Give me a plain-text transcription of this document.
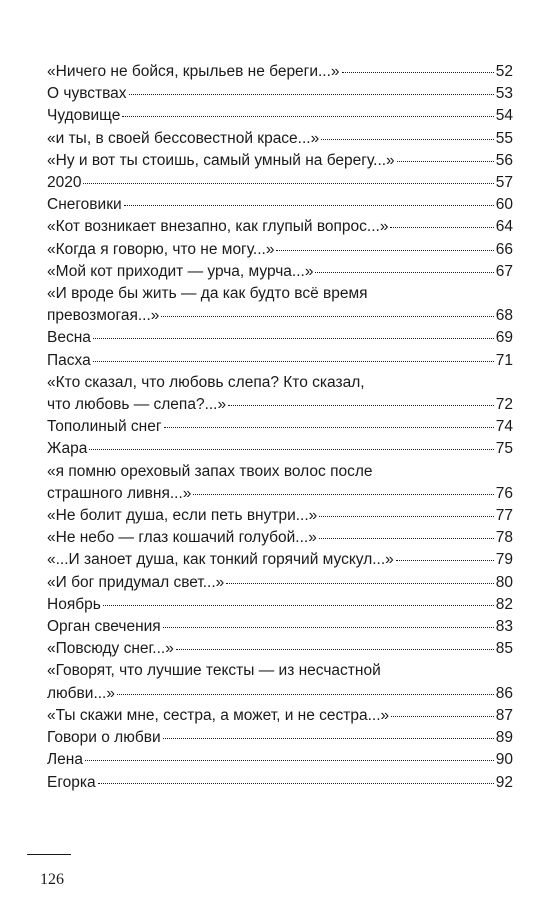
«Ничего не бойся, крыльев не береги...»	52
О чувствах	53
Чудовище	54
«и ты, в своей бессовестной красе...»	55
«Ну и вот ты стоишь, самый умный на берегу...»	56
2020	57
Снеговики	60
«Кот возникает внезапно, как глупый вопрос...»	64
«Когда я говорю, что не могу...»	66
«Мой кот приходит — урча, мурча...»	67
«И вроде бы жить — да как будто всё время
превозмогая...»	68
Весна	69
Пасха	71
«Кто сказал, что любовь слепа? Кто сказал,
что любовь — слепа?...»	72
Тополиный снег	74
Жара	75
«я помню ореховый запах твоих волос после
страшного ливня...»	76
«Не болит душа, если петь внутри...»	77
«Не небо — глаз кошачий голубой...»	78
«...И заноет душа, как тонкий горячий мускул...»	79
«И бог придумал свет...»	80
Ноябрь	82
Орган свечения	83
«Повсюду снег...»	85
«Говорят, что лучшие тексты — из несчастной
любви...»	86
«Ты скажи мне, сестра, а может, и не сестра...»	87
Говори о любви	89
Лена	90
Егорка	92
126
